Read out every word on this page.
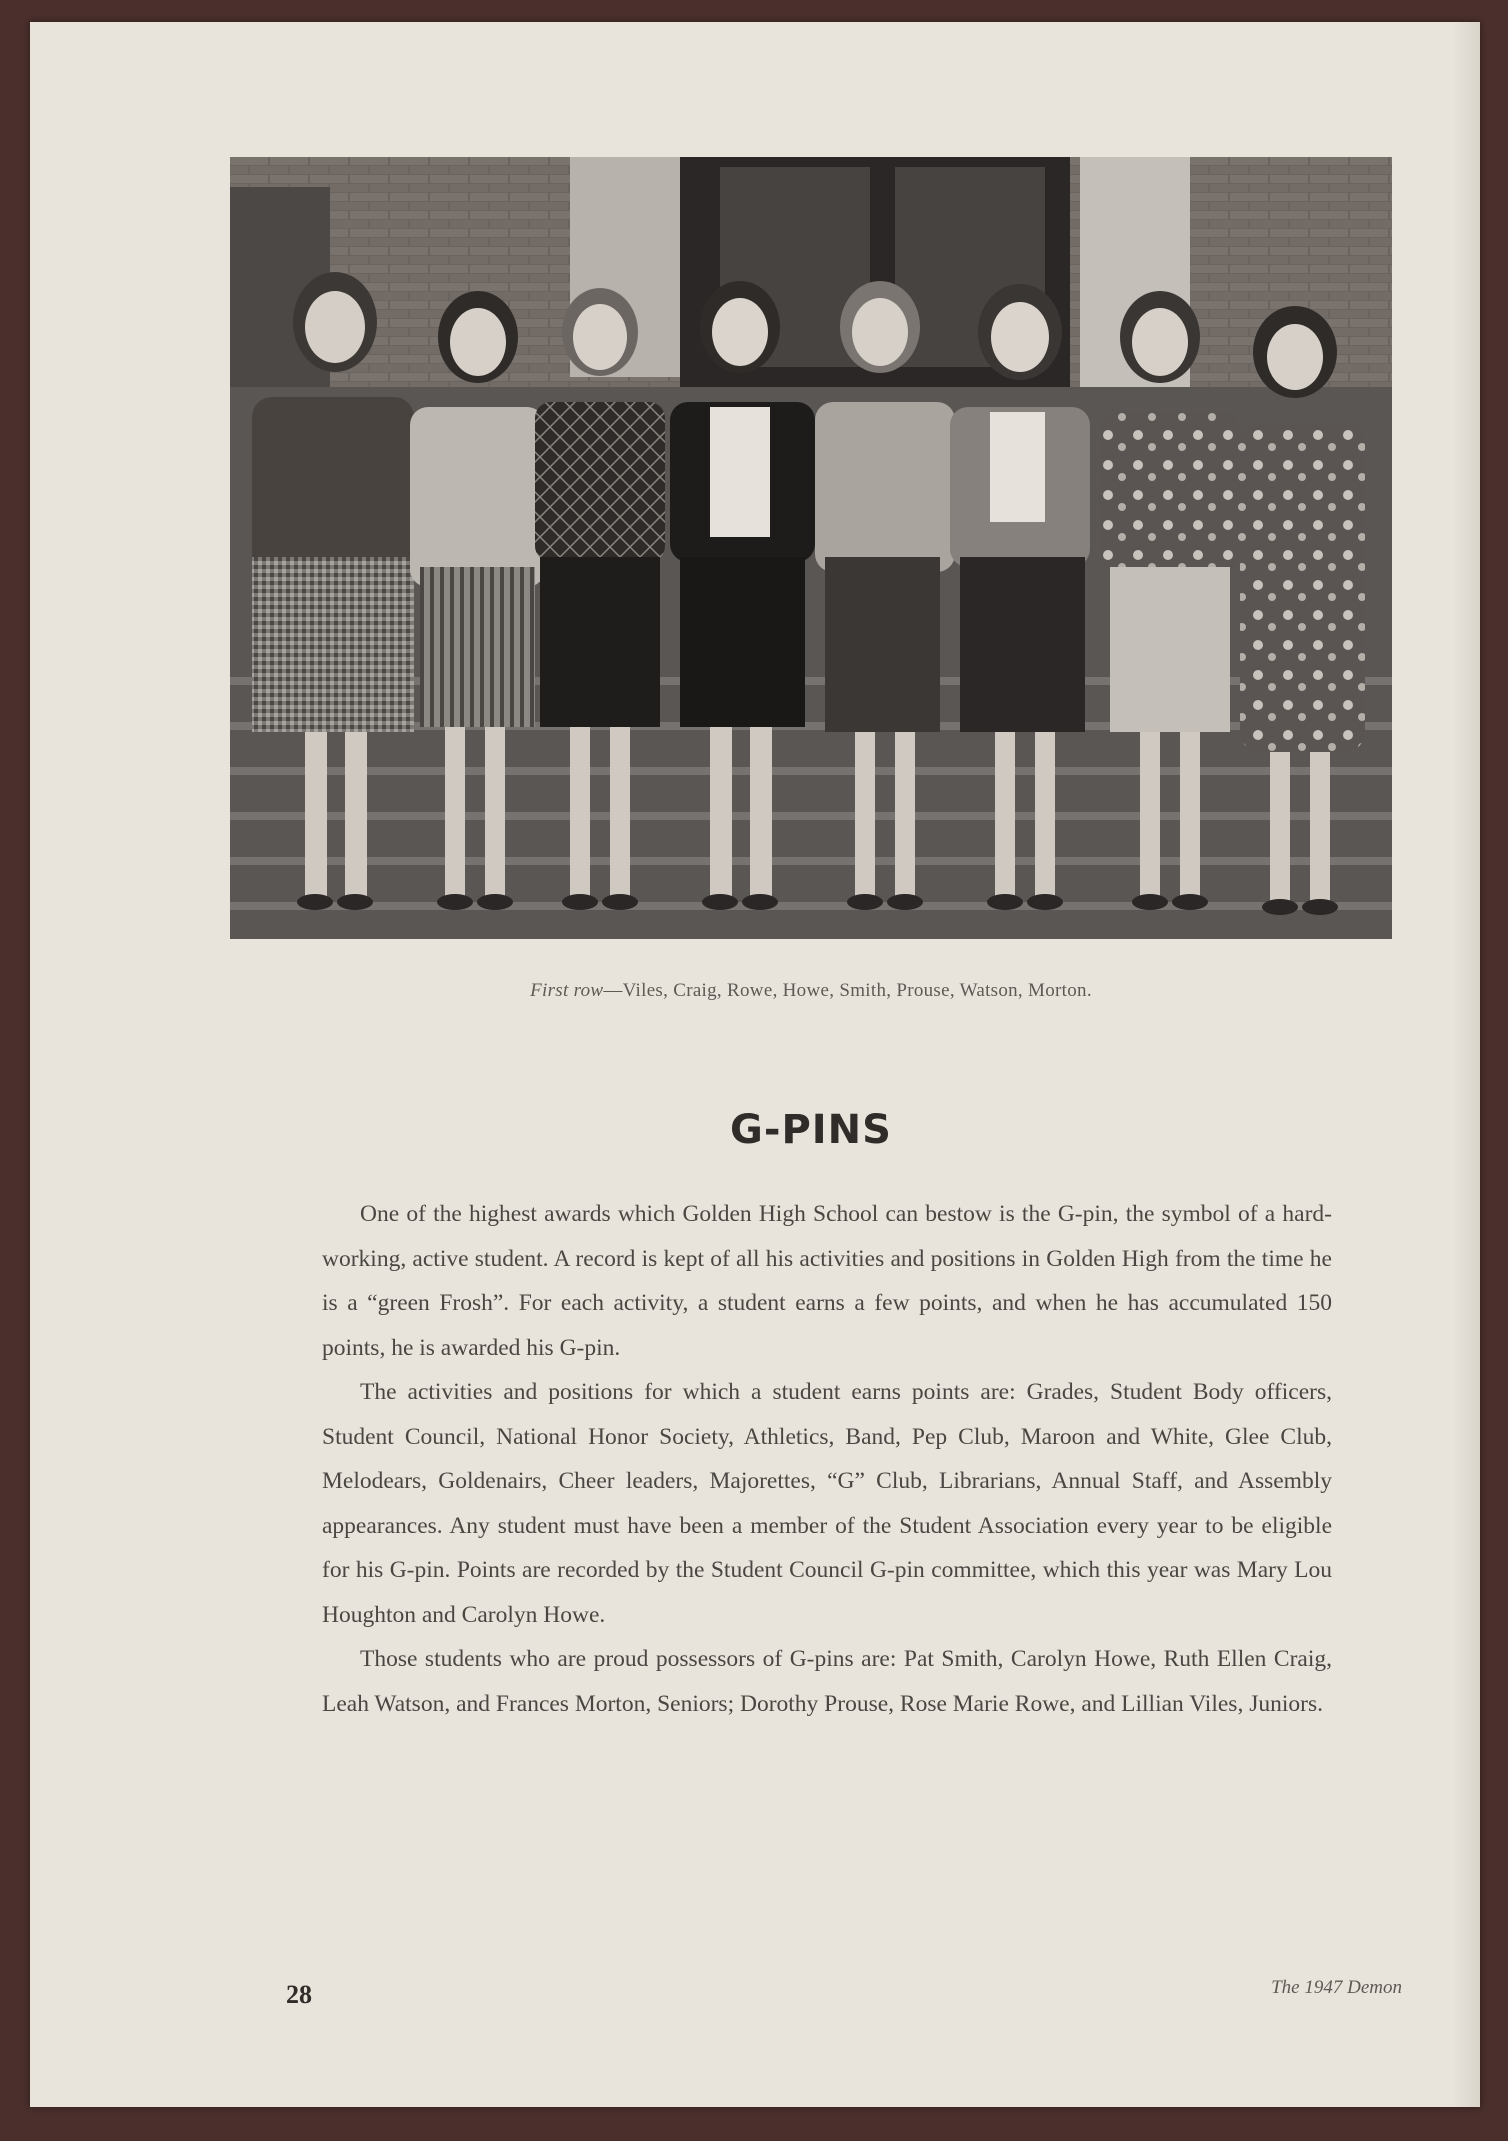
First row—Viles, Craig, Rowe, Howe, Smith, Prouse, Watson, Morton.
G-PINS

One of the highest awards which Golden High School can bestow is the G-pin, the symbol of a hard-working, active student. A record is kept of all his activities and positions in Golden High from the time he is a “green Frosh”. For each activity, a student earns a few points, and when he has accumulated 150 points, he is awarded his G-pin.

The activities and positions for which a student earns points are: Grades, Student Body officers, Student Council, National Honor Society, Athletics, Band, Pep Club, Maroon and White, Glee Club, Melodears, Goldenairs, Cheer leaders, Majorettes, “G” Club, Librarians, Annual Staff, and Assembly appearances. Any student must have been a member of the Student Association every year to be eligible for his G-pin. Points are recorded by the Student Council G-pin committee, which this year was Mary Lou Houghton and Carolyn Howe.

Those students who are proud possessors of G-pins are: Pat Smith, Carolyn Howe, Ruth Ellen Craig, Leah Watson, and Frances Morton, Seniors; Dorothy Prouse, Rose Marie Rowe, and Lillian Viles, Juniors.

28	The 1947 Demon
